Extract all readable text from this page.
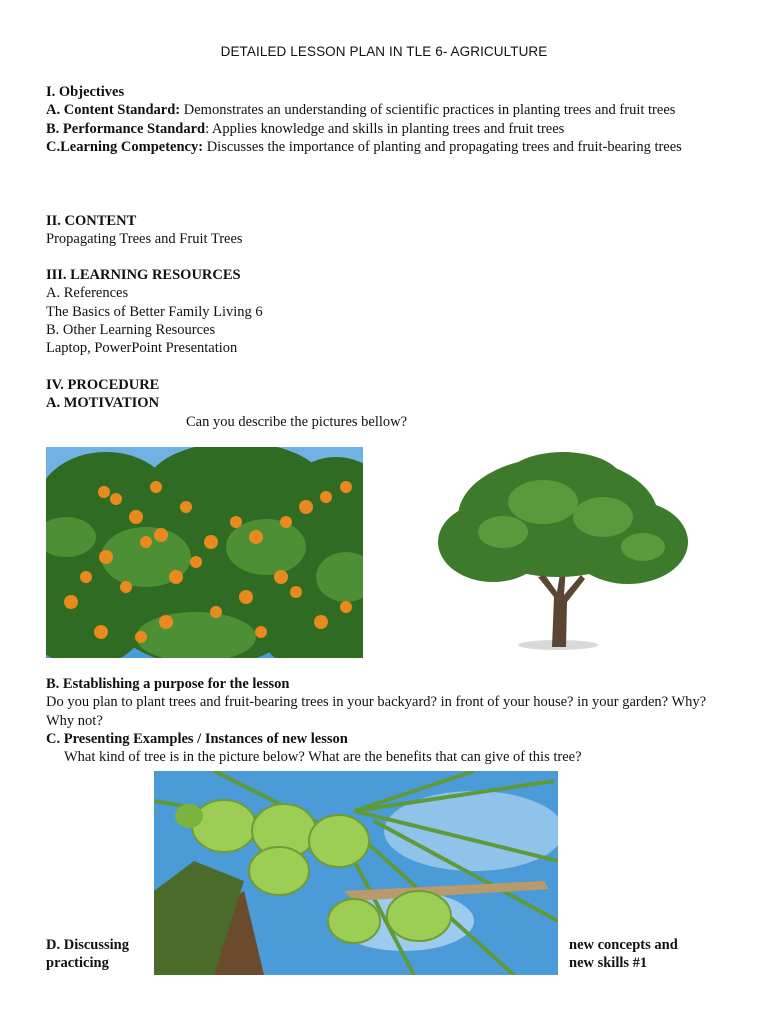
DETAILED LESSON PLAN IN TLE 6- AGRICULTURE
I. Objectives
A. Content Standard: Demonstrates an understanding of scientific practices in planting trees and fruit trees
B. Performance Standard: Applies knowledge and skills in planting trees and fruit trees
C.Learning Competency: Discusses the importance of planting and propagating trees and fruit-bearing trees
II. CONTENT
Propagating Trees and Fruit Trees
III. LEARNING RESOURCES
A. References
The Basics of Better Family Living 6
B. Other Learning Resources
Laptop, PowerPoint Presentation
IV. PROCEDURE
A. MOTIVATION
Can you describe the pictures bellow?
B. Establishing a purpose for the lesson
Do you plan to plant trees and fruit-bearing trees in your backyard? in front of your house? in your garden? Why? Why not?
C. Presenting Examples / Instances of new lesson
What kind of tree is in the picture below? What are the benefits that can give of this tree?
D. Discussing
practicing
new concepts and
new skills #1
